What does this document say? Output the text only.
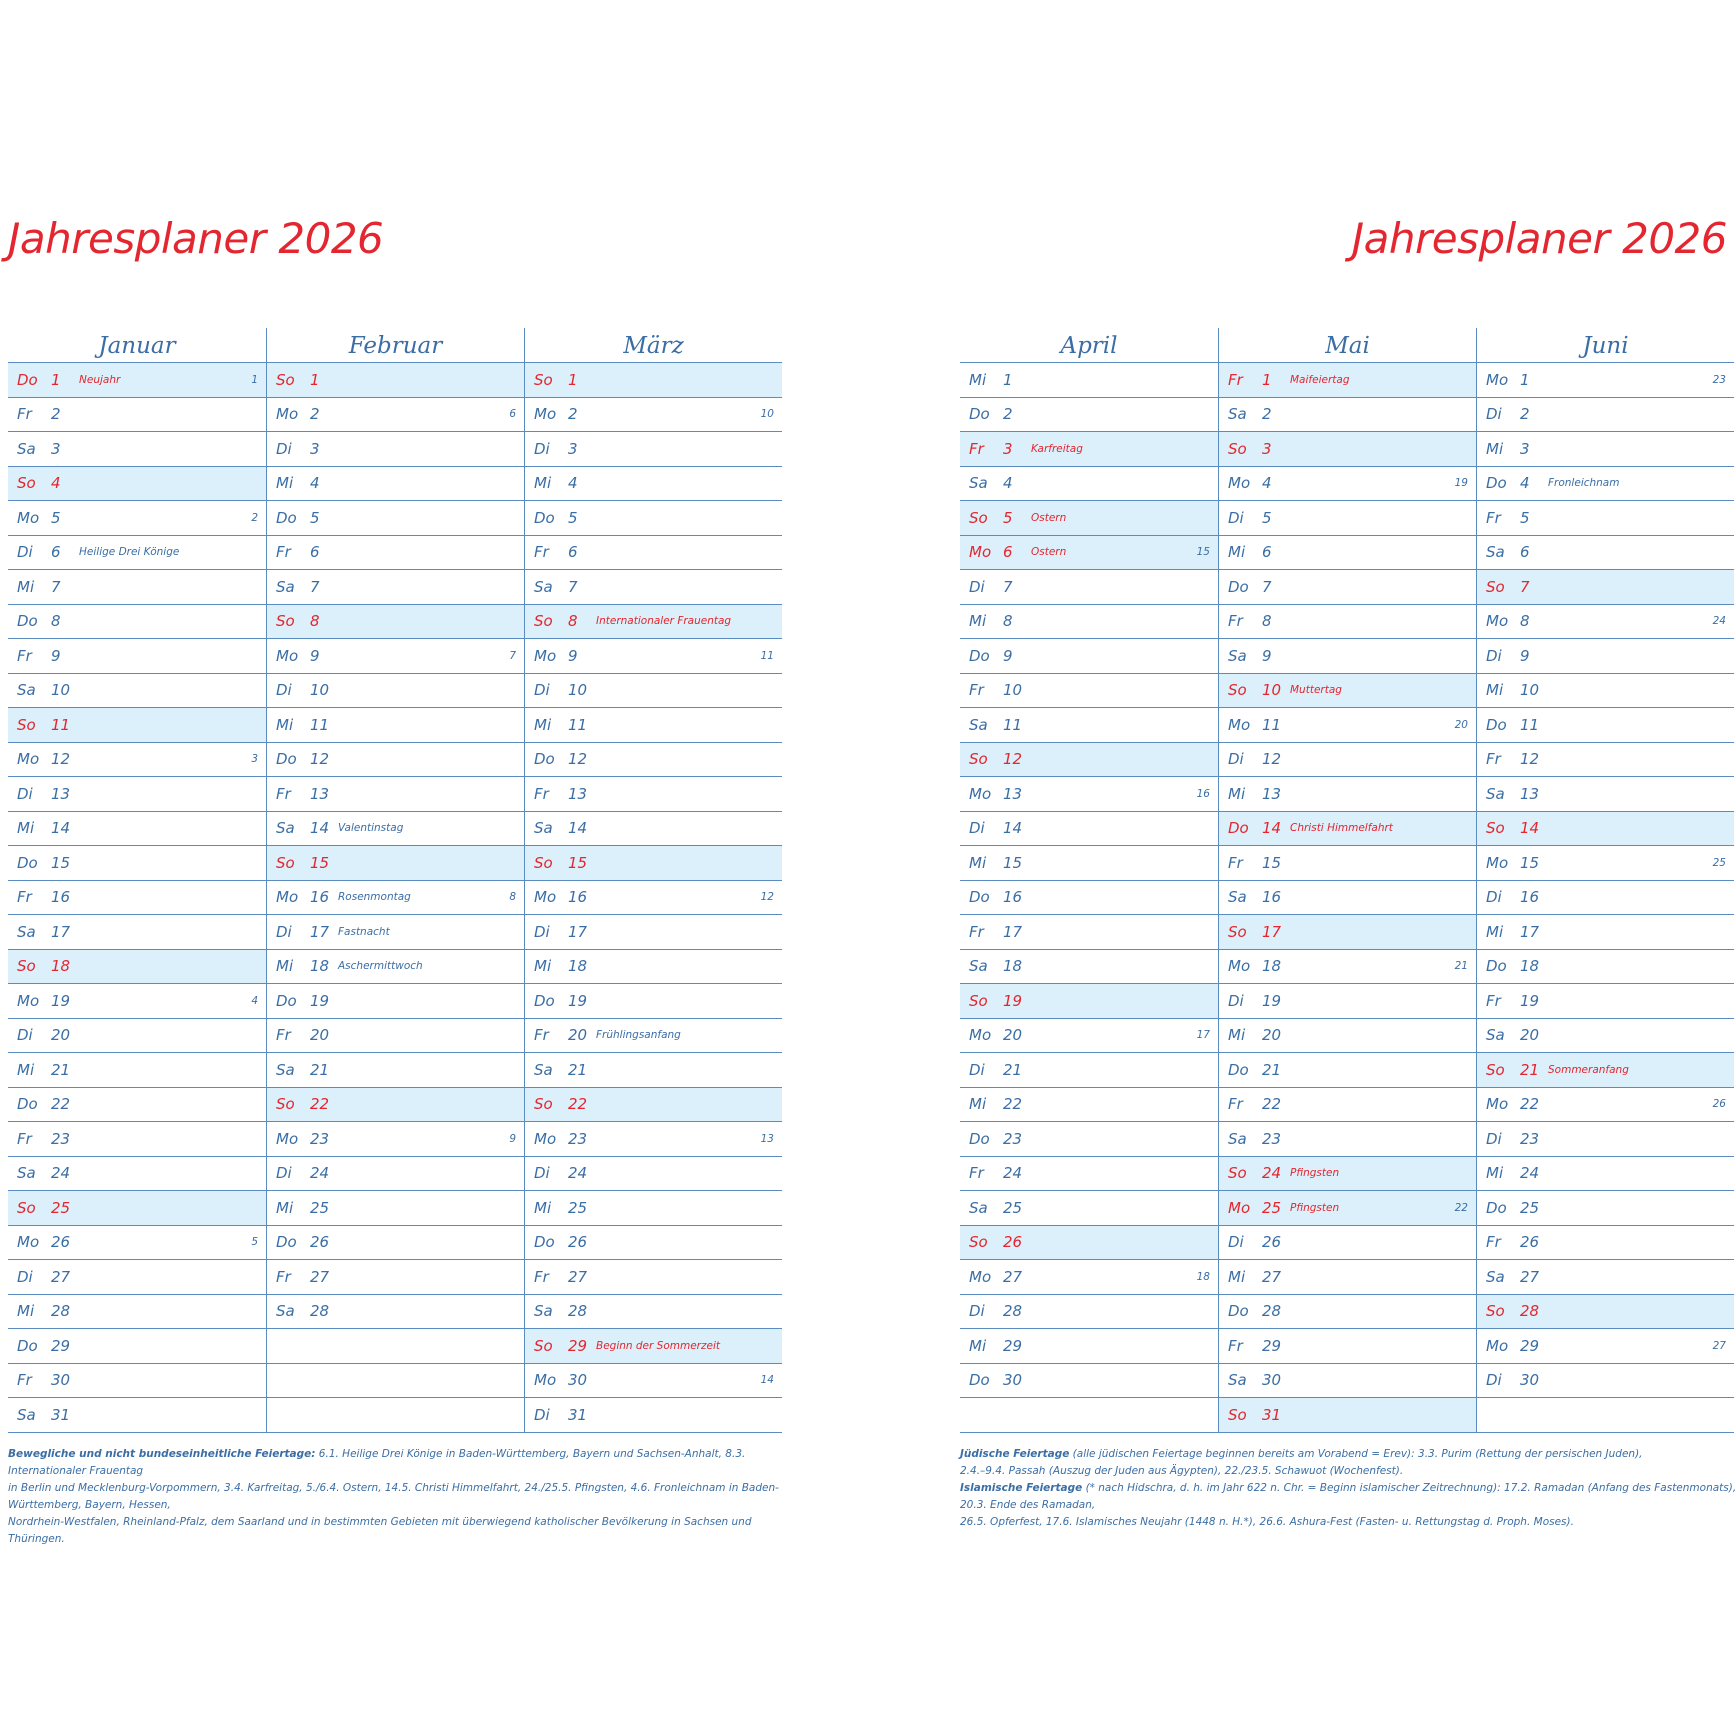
Jahresplaner 2026	Jahresplaner 2026
Januar
Do 1	Neujahr	1
Fr	2
Sa	3
So	4
Mo 5	2
Di	6	Heilige Drei Könige
Mi	7
Do 8
Fr	9
Sa	10
So	11
Mo 12	3
Di	13
Mi	14
Do 15
Fr	16
Sa	17
So	18
Mo 19	4
Di	20
Mi	21
Do 22
Fr	23
Sa	24
So	25
Mo 26	5
Di	27
Mi	28
Do 29
Fr	30
Sa	31
Februar
So	1
Mo 2	6
Di	3
Mi	4
Do 5
Fr	6
Sa	7
So	8
Mo 9	7
Di	10
Mi	11
Do 12
Fr	13
Sa	14 Valentinstag
So	15
Mo 16 Rosenmontag	8
Di	17 Fastnacht
Mi	18 Aschermittwoch
Do 19
Fr	20
Sa	21
So	22
Mo 23	9
Di	24
Mi	25
Do 26
Fr	27
Sa	28
März
So	1
Mo 2	10
Di	3
Mi	4
Do 5
Fr	6
Sa	7
So	8	Internationaler Frauentag
Mo 9	11
Di	10
Mi	11
Do 12
Fr	13
Sa	14
So	15
Mo 16	12
Di	17
Mi	18
Do 19
Fr	20 Frühlingsanfang
Sa	21
So	22
Mo 23	13
Di	24
Mi	25
Do 26
Fr	27
Sa	28
So	29 Beginn der Sommerzeit
Mo 30	14
Di	31
April
Mi	1
Do 2
Fr	3	Karfreitag
Sa	4
So	5	Ostern
Mo 6	Ostern	15
Di	7
Mi	8
Do 9
Fr	10
Sa	11
So	12
Mo 13	16
Di	14
Mi	15
Do 16
Fr	17
Sa	18
So	19
Mo 20	17
Di	21
Mi	22
Do 23
Fr	24
Sa	25
So	26
Mo 27	18
Di	28
Mi	29
Do 30
Mai
Fr	1	Maifeiertag
Sa	2
So	3
Mo 4	19
Di	5
Mi	6
Do 7
Fr	8
Sa	9
So	10 Muttertag
Mo 11	20
Di	12
Mi	13
Do 14 Christi Himmelfahrt
Fr	15
Sa	16
So	17
Mo 18	21
Di	19
Mi	20
Do 21
Fr	22
Sa	23
So	24 Pfingsten
Mo 25 Pfingsten	22
Di	26
Mi	27
Do 28
Fr	29
Sa	30
So	31
Juni
Mo 1	23
Di	2
Mi	3
Do 4	Fronleichnam
Fr	5
Sa	6
So	7
Mo 8	24
Di	9
Mi	10
Do 11
Fr	12
Sa	13
So	14
Mo 15	25
Di	16
Mi	17
Do 18
Fr	19
Sa	20
So	21 Sommeranfang
Mo 22	26
Di	23
Mi	24
Do 25
Fr	26
Sa	27
So	28
Mo 29	27
Di	30
Bewegliche und nicht bundeseinheitliche Feiertage: 6.1. Heilige Drei Könige in Baden-Württemberg, Bayern und Sachsen-Anhalt, 8.3. Internationaler Frauentag
in Berlin und Mecklenburg-Vorpommern, 3.4. Karfreitag, 5./6.4. Ostern, 14.5. Christi Himmelfahrt, 24./25.5. Pfingsten, 4.6. Fronleichnam in Baden-Württemberg, Bayern, Hessen,
Nordrhein-Westfalen, Rheinland-Pfalz, dem Saarland und in bestimmten Gebieten mit überwiegend katholischer Bevölkerung in Sachsen und Thüringen.
Jüdische Feiertage (alle jüdischen Feiertage beginnen bereits am Vorabend = Erev): 3.3. Purim (Rettung der persischen Juden),
2.4.–9.4. Passah (Auszug der Juden aus Ägypten), 22./23.5. Schawuot (Wochenfest).
Islamische Feiertage (* nach Hidschra, d. h. im Jahr 622 n. Chr. = Beginn islamischer Zeitrechnung): 17.2. Ramadan (Anfang des Fastenmonats), 20.3. Ende des Ramadan,
26.5. Opferfest, 17.6. Islamisches Neujahr (1448 n. H.*), 26.6. Ashura-Fest (Fasten- u. Rettungstag d. Proph. Moses).
